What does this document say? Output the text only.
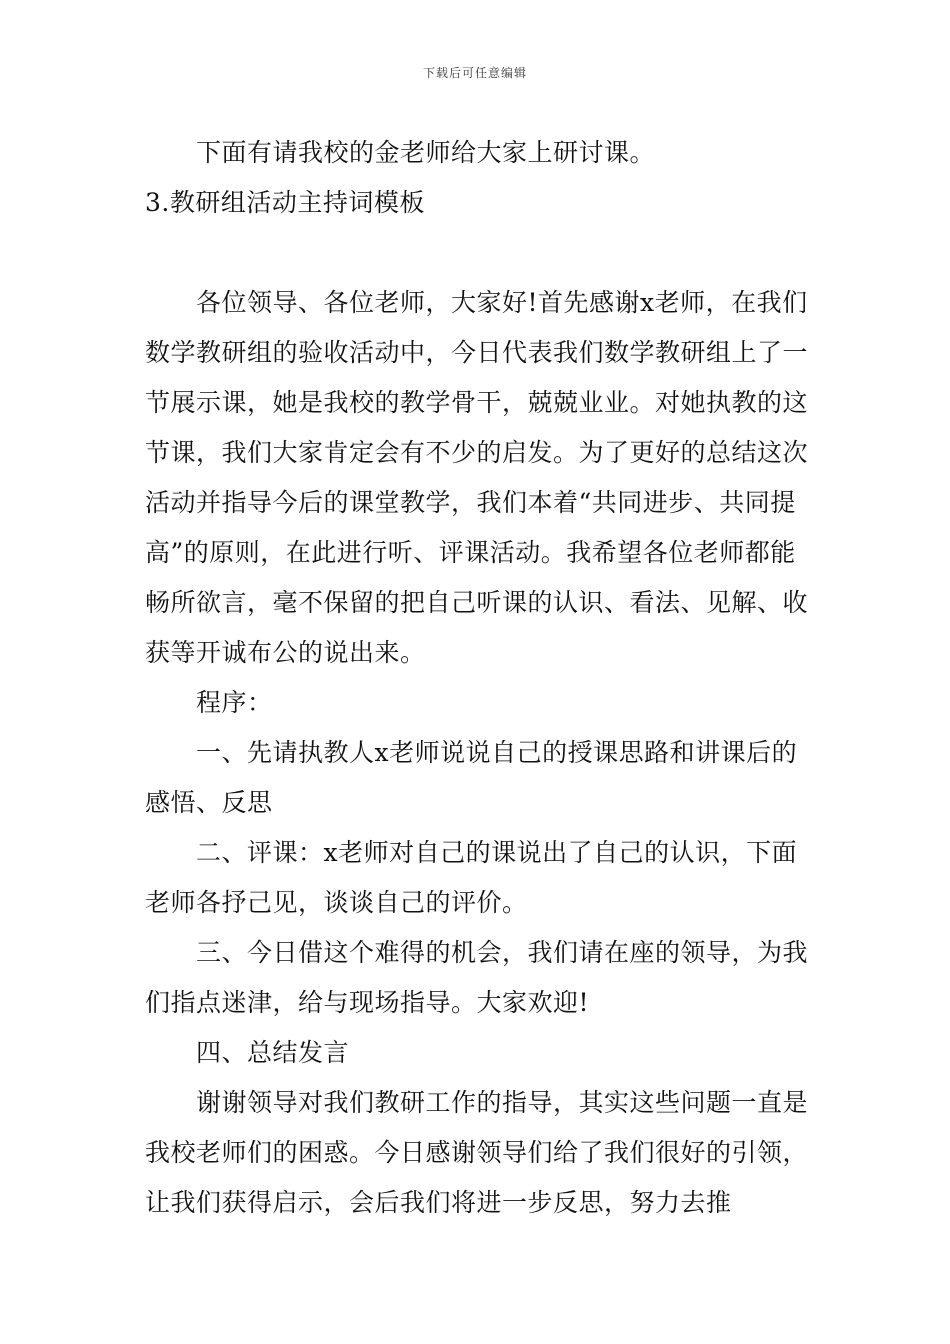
下载后可任意编辑

下面有请我校的金老师给大家上研讨课。

3.教研组活动主持词模板

各位领导、各位老师，大家好!首先感谢x老师，在我们数学教研组的验收活动中，今日代表我们数学教研组上了一节展示课，她是我校的教学骨干，兢兢业业。对她执教的这节课，我们大家肯定会有不少的启发。为了更好的总结这次活动并指导今后的课堂教学，我们本着“共同进步、共同提高”的原则，在此进行听、评课活动。我希望各位老师都能畅所欲言，毫不保留的把自己听课的认识、看法、见解、收获等开诚布公的说出来。

程序：

一、先请执教人x老师说说自己的授课思路和讲课后的感悟、反思

二、评课：x老师对自己的课说出了自己的认识，下面老师各抒己见，谈谈自己的评价。

三、今日借这个难得的机会，我们请在座的领导，为我们指点迷津，给与现场指导。大家欢迎!

四、总结发言

谢谢领导对我们教研工作的指导，其实这些问题一直是我校老师们的困惑。今日感谢领导们给了我们很好的引领，让我们获得启示，会后我们将进一步反思，努力去推
